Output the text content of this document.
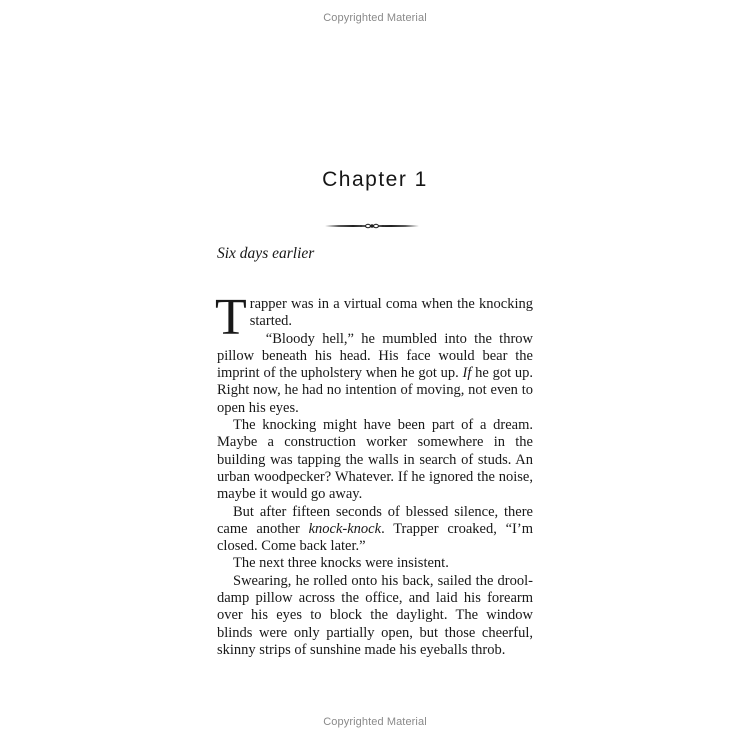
Copyrighted Material
Chapter 1
Six days earlier

Trapper was in a virtual coma when the knocking started.

“Bloody hell,” he mumbled into the throw pillow beneath his head. His face would bear the imprint of the upholstery when he got up. If he got up. Right now, he had no intention of moving, not even to open his eyes.

The knocking might have been part of a dream. Maybe a construction worker somewhere in the building was tapping the walls in search of studs. An urban woodpecker? Whatever. If he ignored the noise, maybe it would go away.

But after fifteen seconds of blessed silence, there came another knock-knock. Trapper croaked, “I’m closed. Come back later.”

The next three knocks were insistent.

Swearing, he rolled onto his back, sailed the drool-damp pillow across the office, and laid his forearm over his eyes to block the daylight. The window blinds were only partially open, but those cheerful, skinny strips of sunshine made his eyeballs throb.

Copyrighted Material
